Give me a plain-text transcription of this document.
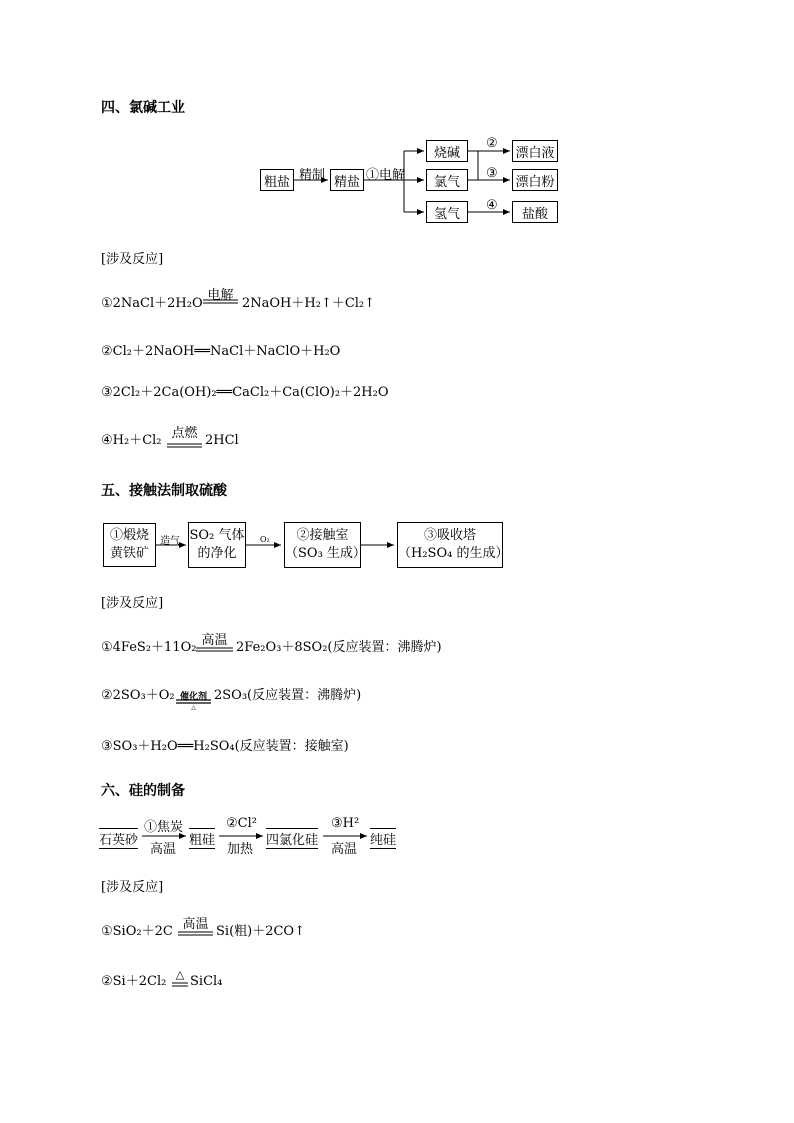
四、氯碱工业
粗盐 精制 精盐 ①电解
烧碱
氯气
氢气
②
③
④
漂白液
漂白粉
盐酸
[涉及反应]
①2NaCl＋2H₂O
电解
2NaOH＋H₂↑＋Cl₂↑
②Cl₂＋2NaOH══NaCl＋NaClO＋H₂O
③2Cl₂＋2Ca(OH)₂══CaCl₂＋Ca(ClO)₂＋2H₂O
④H₂＋Cl₂ 点燃 2HCl
五、接触法制取硫酸
①煅烧
黄铁矿
造气 SO₂ 气体
的净化
O₂ ②接触室
（SO₃ 生成）
③吸收塔
（H₂SO₄ 的生成）
[涉及反应]
①4FeS₂＋11O₂ 高温 2Fe₂O₃＋8SO₂(反应装置：沸腾炉)
②2SO₃＋O₂ 催化剂
△
2SO₃(反应装置：沸腾炉)
③SO₃＋H₂O══H₂SO₄(反应装置：接触室)
六、硅的制备
石英砂
①焦炭
高温
粗硅
②Cl²
加热
四氯化硅
③H²
高温
纯硅
[涉及反应]
①SiO₂＋2C 高温 Si(粗)＋2CO↑
②Si＋2Cl₂ △ SiCl₄
